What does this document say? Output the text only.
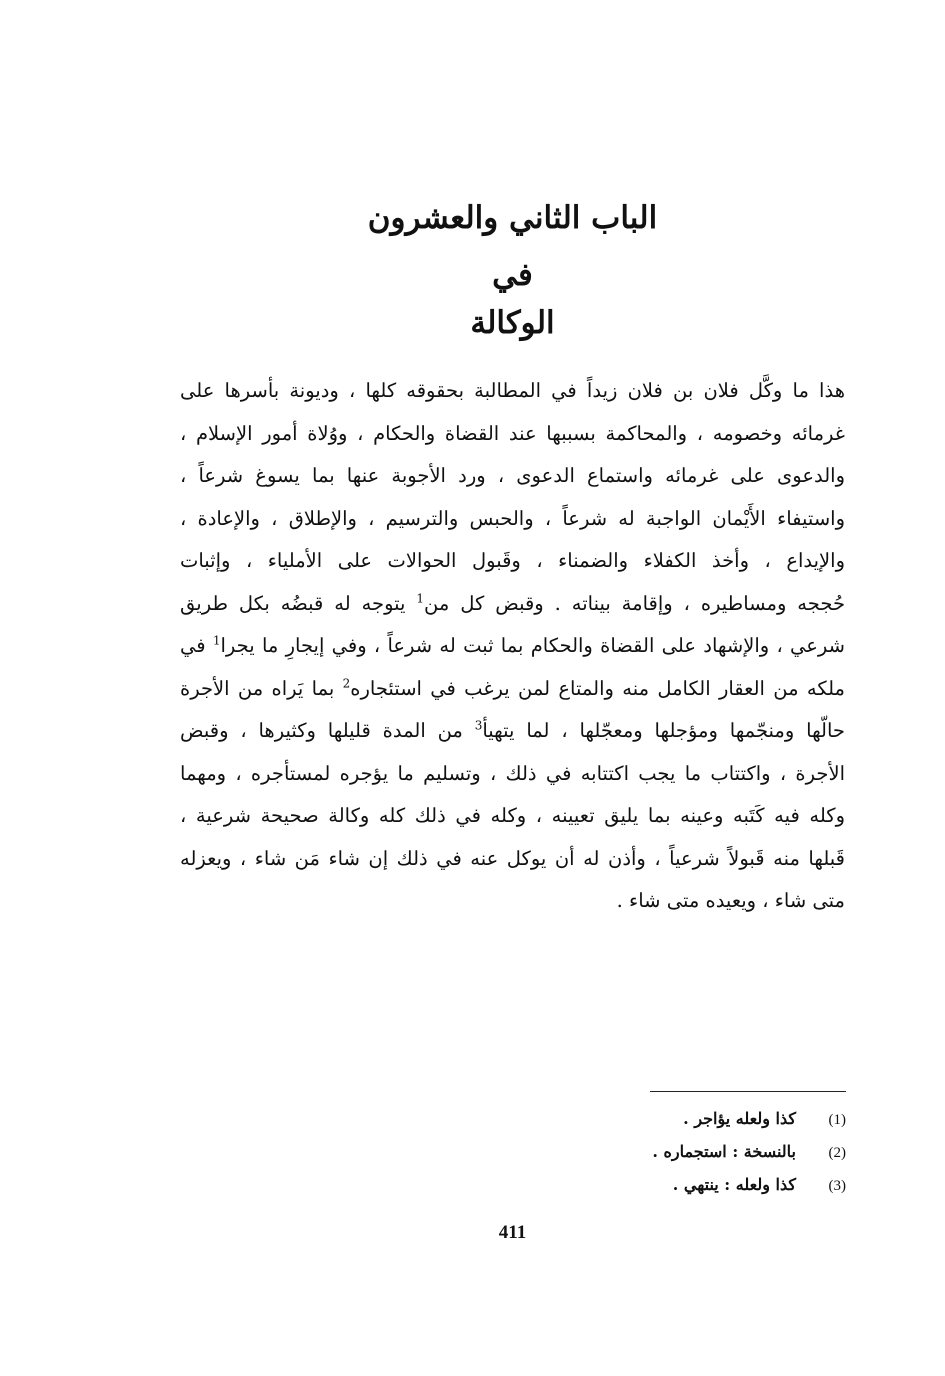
الباب الثاني والعشرون
في
الوكالة
هذا ما وكَّل فلان بن فلان زيداً في المطالبة بحقوقه كلها ، وديونة بأسرها على
غرمائه وخصومه ، والمحاكمة بسببها عند القضاة والحكام ، ووُلاة أمور الإسلام ،
والدعوى على غرمائه واستماع الدعوى ، ورد الأجوبة عنها بما يسوغ شرعاً ،
واستيفاء الأَيْمان الواجبة له شرعاً ، والحبس والترسيم ، والإطلاق ، والإعادة ،
والإيداع ، وأخذ الكفلاء والضمناء ، وقَبول الحوالات على الأملياء ، وإثبات
حُججه ومساطيره ، وإقامة بيناته . وقبض كل من$^1$ يتوجه له قبضُه بكل طريق
شرعي ، والإشهاد على القضاة والحكام بما ثبت له شرعاً ، وفي إيجارِ ما يجرا$^1$ في
ملكه من العقار الكامل منه والمتاع لمن يرغب في استئجاره$^2$ بما يَراه من الأجرة
حالّها ومنجّمها ومؤجلها ومعجّلها ، لما يتهيأ$^3$ من المدة قليلها وكثيرها ، وقبض
الأجرة ، واكتتاب ما يجب اكتتابه في ذلك ، وتسليم ما يؤجره لمستأجره ، ومهما
وكله فيه كَتَبه وعينه بما يليق تعيينه ، وكله في ذلك كله وكالة صحيحة شرعية ،
قَبلها منه قَبولاً شرعياً ، وأذن له أن يوكل عنه في ذلك إن شاء مَن شاء ، ويعزله
متى شاء ، ويعيده متى شاء .
(1)
كذا ولعله يؤاجر .
(2)
بالنسخة : استجماره .
(3)
كذا ولعله : ينتهي .
411
